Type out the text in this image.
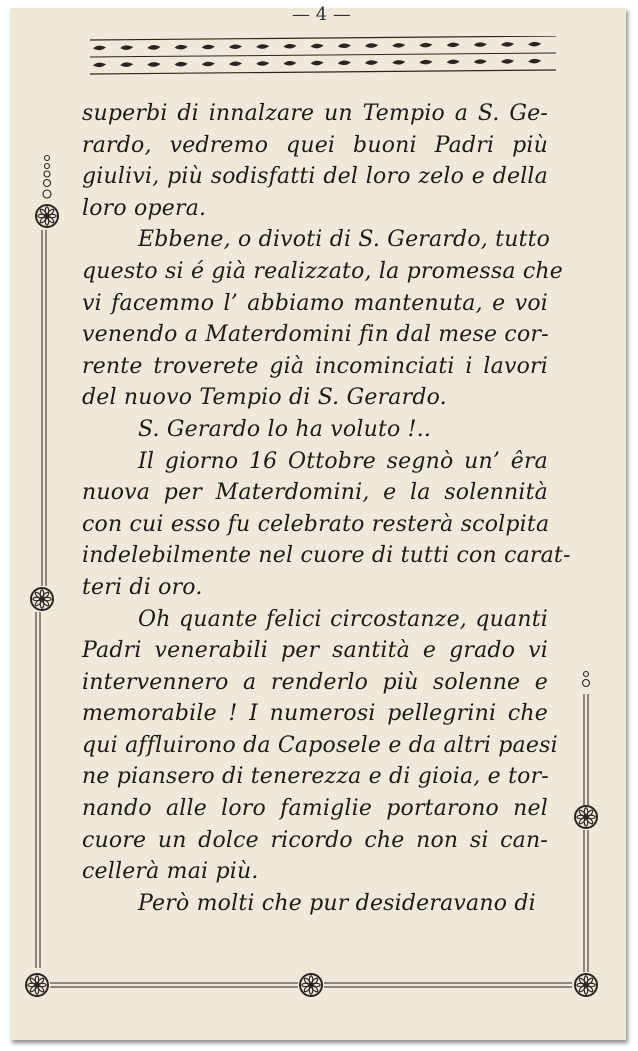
— 4 —
superbi di innalzare un Tempio a S. Ge-
rardo, vedremo quei buoni Padri più
giulivi, più sodisfatti del loro zelo e della
loro opera.
Ebbene, o divoti di S. Gerardo, tutto
questo si é già realizzato, la promessa che
vi facemmo l’ abbiamo mantenuta, e voi
venendo a Materdomini fin dal mese cor-
rente troverete già incominciati i lavori
del nuovo Tempio di S. Gerardo.
S. Gerardo lo ha voluto !..
Il giorno 16 Ottobre segnò un’ êra
nuova per Materdomini, e la solennità
con cui esso fu celebrato resterà scolpita
indelebilmente nel cuore di tutti con carat-
teri di oro.
Oh quante felici circostanze, quanti
Padri venerabili per santità e grado vi
intervennero a renderlo più solenne e
memorabile ! I numerosi pellegrini che
qui affluirono da Caposele e da altri paesi
ne piansero di tenerezza e di gioia, e tor-
nando alle loro famiglie portarono nel
cuore un dolce ricordo che non si can-
cellerà mai più.
Però molti che pur desideravano di
